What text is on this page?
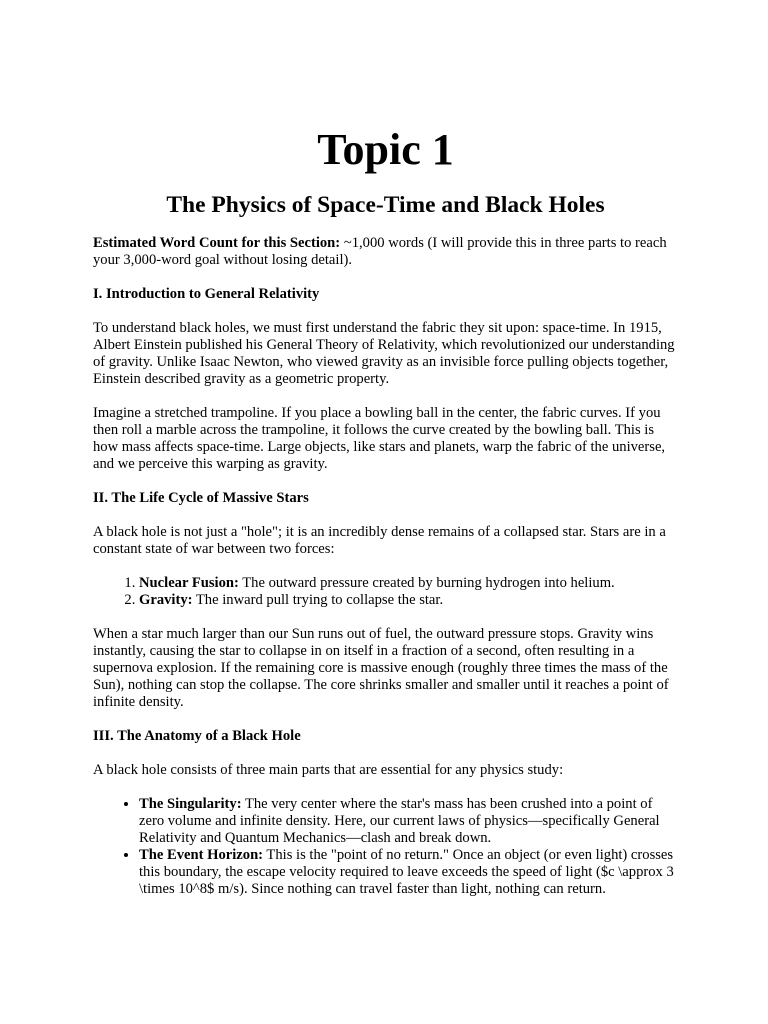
Topic 1
The Physics of Space-Time and Black Holes

Estimated Word Count for this Section: ~1,000 words (I will provide this in three parts to reach your 3,000-word goal without losing detail).

I. Introduction to General Relativity

To understand black holes, we must first understand the fabric they sit upon: space-time. In 1915, Albert Einstein published his General Theory of Relativity, which revolutionized our understanding of gravity. Unlike Isaac Newton, who viewed gravity as an invisible force pulling objects together, Einstein described gravity as a geometric property.

Imagine a stretched trampoline. If you place a bowling ball in the center, the fabric curves. If you then roll a marble across the trampoline, it follows the curve created by the bowling ball. This is how mass affects space-time. Large objects, like stars and planets, warp the fabric of the universe, and we perceive this warping as gravity.

II. The Life Cycle of Massive Stars

A black hole is not just a "hole"; it is an incredibly dense remains of a collapsed star. Stars are in a constant state of war between two forces:

1. Nuclear Fusion: The outward pressure created by burning hydrogen into helium.
2. Gravity: The inward pull trying to collapse the star.

When a star much larger than our Sun runs out of fuel, the outward pressure stops. Gravity wins instantly, causing the star to collapse in on itself in a fraction of a second, often resulting in a supernova explosion. If the remaining core is massive enough (roughly three times the mass of the Sun), nothing can stop the collapse. The core shrinks smaller and smaller until it reaches a point of infinite density.

III. The Anatomy of a Black Hole

A black hole consists of three main parts that are essential for any physics study:

• The Singularity: The very center where the star's mass has been crushed into a point of zero volume and infinite density. Here, our current laws of physics—specifically General Relativity and Quantum Mechanics—clash and break down.
• The Event Horizon: This is the "point of no return." Once an object (or even light) crosses this boundary, the escape velocity required to leave exceeds the speed of light ($c \approx 3 \times 10^8$ m/s). Since nothing can travel faster than light, nothing can return.
